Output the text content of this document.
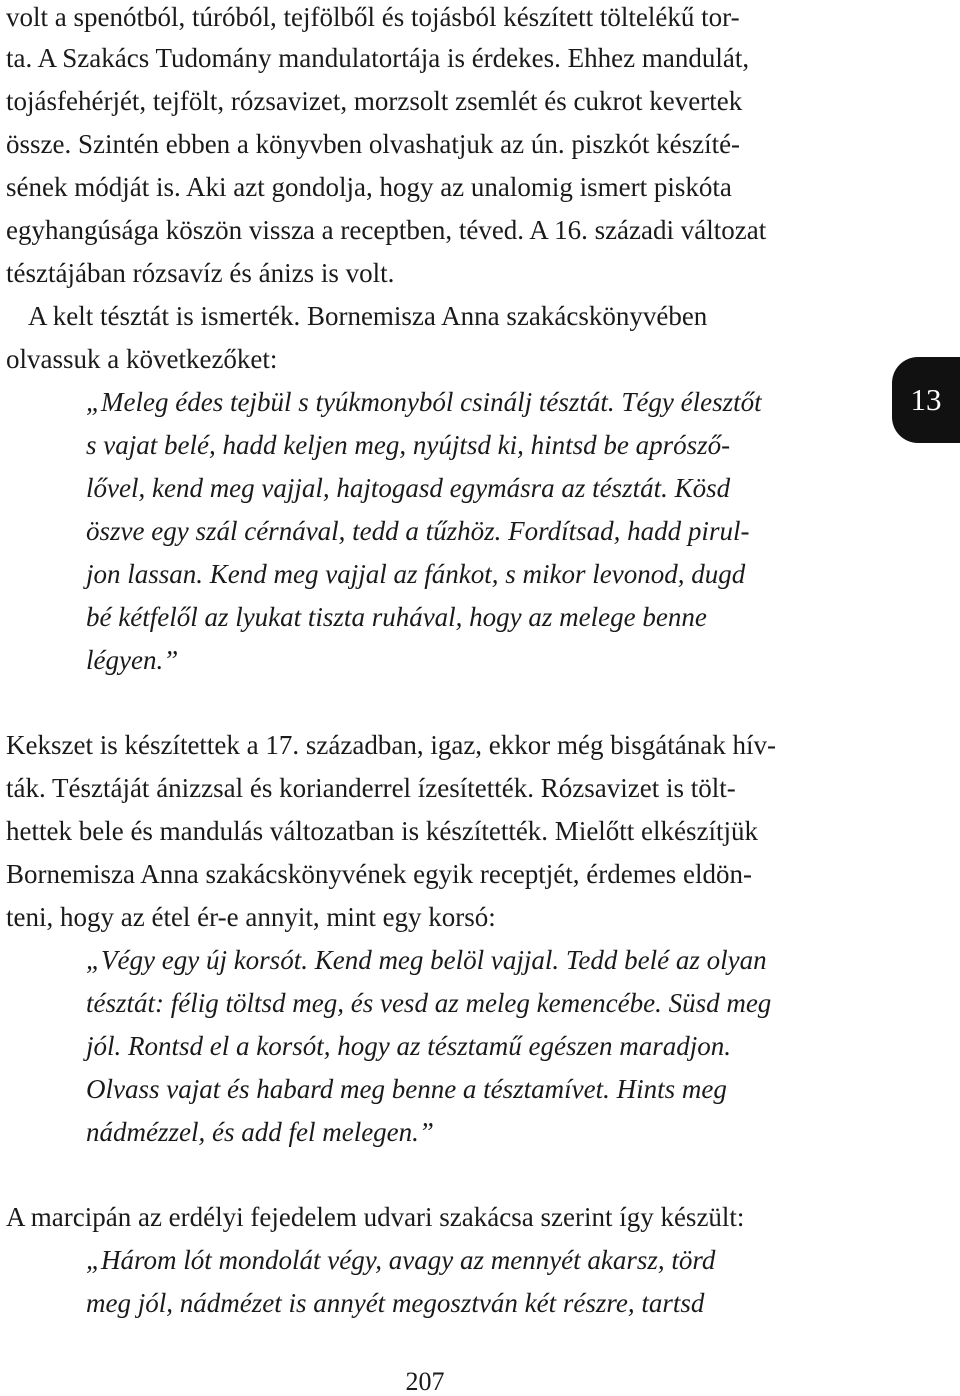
volt a spenótból, túróból, tejfölből és tojásból készített töltelékű tor-
ta. A Szakács Tudomány mandulatortája is érdekes. Ehhez mandulát,
tojásfehérjét, tejfölt, rózsavizet, morzsolt zsemlét és cukrot kevertek
össze. Szintén ebben a könyvben olvashatjuk az ún. piszkót készíté-
sének módját is. Aki azt gondolja, hogy az unalomig ismert piskóta
egyhangúsága köszön vissza a receptben, téved. A 16. századi változat
tésztájában rózsavíz és ánizs is volt.
A kelt tésztát is ismerték. Bornemisza Anna szakácskönyvében
olvassuk a következőket:
„Meleg édes tejbül s tyúkmonyból csinálj tésztát. Tégy élesztőt
s vajat belé, hadd keljen meg, nyújtsd ki, hintsd be aprósző-
lővel, kend meg vajjal, hajtogasd egymásra az tésztát. Kösd
öszve egy szál cérnával, tedd a tűzhöz. Fordítsad, hadd pirul-
jon lassan. Kend meg vajjal az fánkot, s mikor levonod, dugd
bé kétfelől az lyukat tiszta ruhával, hogy az melege benne
légyen.”
Kekszet is készítettek a 17. században, igaz, ekkor még bisgátának hív-
ták. Tésztáját ánizzsal és korianderrel ízesítették. Rózsavizet is tölt-
hettek bele és mandulás változatban is készítették. Mielőtt elkészítjük
Bornemisza Anna szakácskönyvének egyik receptjét, érdemes eldön-
teni, hogy az étel ér-e annyit, mint egy korsó:
„Végy egy új korsót. Kend meg belöl vajjal. Tedd belé az olyan
tésztát: félig töltsd meg, és vesd az meleg kemencébe. Süsd meg
jól. Rontsd el a korsót, hogy az tésztamű egészen maradjon.
Olvass vajat és habard meg benne a tésztamívet. Hints meg
nádmézzel, és add fel melegen.”
A marcipán az erdélyi fejedelem udvari szakácsa szerint így készült:
„Három lót mondolát végy, avagy az mennyét akarsz, törd
meg jól, nádmézet is annyét megosztván két részre, tartsd
13
207
